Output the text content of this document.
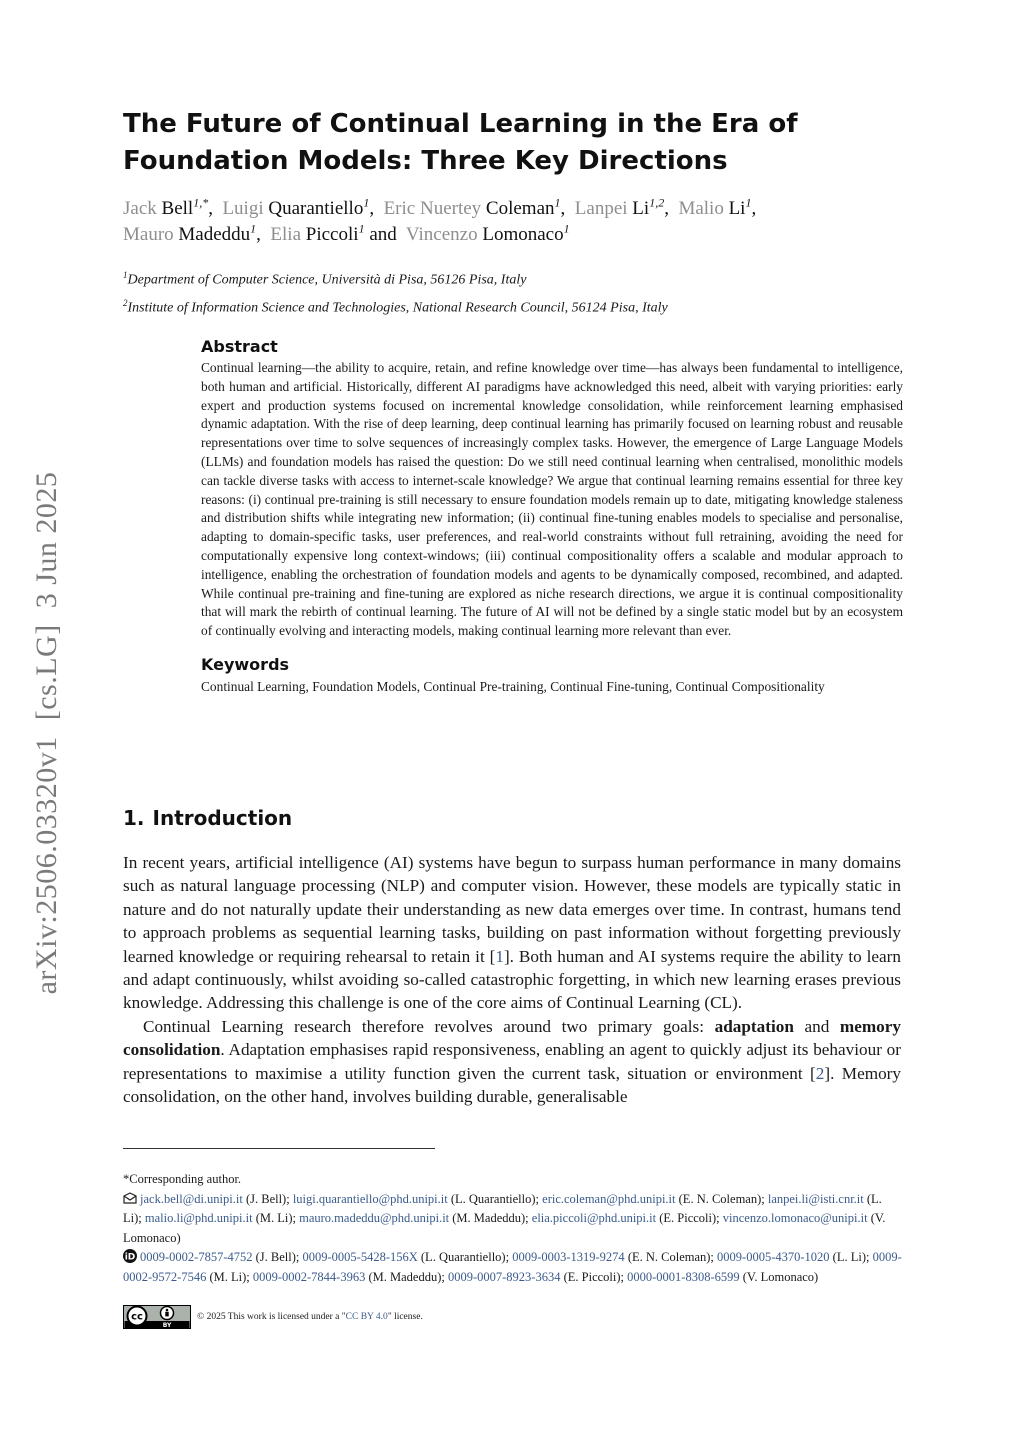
arXiv:2506.03320v1[cs.LG]3 Jun 2025
The Future of Continual Learning in the Era of Foundation Models: Three Key Directions
Jack Bell$^{1,*}$, Luigi Quarantiello$^1$, Eric Nuertey Coleman$^1$, Lanpei Li$^{1,2}$, Malio Li$^1$,
Mauro Madeddu$^1$, Elia Piccoli$^1$ and Vincenzo Lomonaco$^1$
$^1$Department of Computer Science, Università di Pisa, 56126 Pisa, Italy
$^2$Institute of Information Science and Technologies, National Research Council, 56124 Pisa, Italy
Abstract

Continual learning—the ability to acquire, retain, and refine knowledge over time—has always been fundamental to intelligence, both human and artificial. Historically, different AI paradigms have acknowledged this need, albeit with varying priorities: early expert and production systems focused on incremental knowledge consolidation, while reinforcement learning emphasised dynamic adaptation. With the rise of deep learning, deep continual learning has primarily focused on learning robust and reusable representations over time to solve sequences of increasingly complex tasks. However, the emergence of Large Language Models (LLMs) and foundation models has raised the question: Do we still need continual learning when centralised, monolithic models can tackle diverse tasks with access to internet-scale knowledge? We argue that continual learning remains essential for three key reasons: (i) continual pre-training is still necessary to ensure foundation models remain up to date, mitigating knowledge staleness and distribution shifts while integrating new information; (ii) continual fine-tuning enables models to specialise and personalise, adapting to domain-specific tasks, user preferences, and real-world constraints without full retraining, avoiding the need for computationally expensive long context-windows; (iii) continual compositionality offers a scalable and modular approach to intelligence, enabling the orchestration of foundation models and agents to be dynamically composed, recombined, and adapted. While continual pre-training and fine-tuning are explored as niche research directions, we argue it is continual compositionality that will mark the rebirth of continual learning. The future of AI will not be defined by a single static model but by an ecosystem of continually evolving and interacting models, making continual learning more relevant than ever.

Keywords

Continual Learning, Foundation Models, Continual Pre-training, Continual Fine-tuning, Continual Compositionality

1. Introduction

In recent years, artificial intelligence (AI) systems have begun to surpass human performance in many domains such as natural language processing (NLP) and computer vision. However, these models are typically static in nature and do not naturally update their understanding as new data emerges over time. In contrast, humans tend to approach problems as sequential learning tasks, building on past information without forgetting previously learned knowledge or requiring rehearsal to retain it [1]. Both human and AI systems require the ability to learn and adapt continuously, whilst avoiding so-called catastrophic forgetting, in which new learning erases previous knowledge. Addressing this challenge is one of the core aims of Continual Learning (CL).

Continual Learning research therefore revolves around two primary goals: adaptation and memory consolidation. Adaptation emphasises rapid responsiveness, enabling an agent to quickly adjust its behaviour or representations to maximise a utility function given the current task, situation or environment [2]. Memory consolidation, on the other hand, involves building durable, generalisable

*Corresponding author.

jack.bell@di.unipi.it (J. Bell); luigi.quarantiello@phd.unipi.it (L. Quarantiello); eric.coleman@phd.unipi.it (E. N. Coleman); lanpei.li@isti.cnr.it (L. Li); malio.li@phd.unipi.it (M. Li); mauro.madeddu@phd.unipi.it (M. Madeddu); elia.piccoli@phd.unipi.it (E. Piccoli); vincenzo.lomonaco@unipi.it (V. Lomonaco)

iD 0009-0002-7857-4752 (J. Bell); 0009-0005-5428-156X (L. Quarantiello); 0009-0003-1319-9274 (E. N. Coleman); 0009-0005-4370-1020 (L. Li); 0009-0002-9572-7546 (M. Li); 0009-0002-7844-3963 (M. Madeddu); 0009-0007-8923-3634 (E. Piccoli); 0000-0001-8308-6599 (V. Lomonaco)

cc
BY
© 2025 This work is licensed under a "CC BY 4.0" license.
